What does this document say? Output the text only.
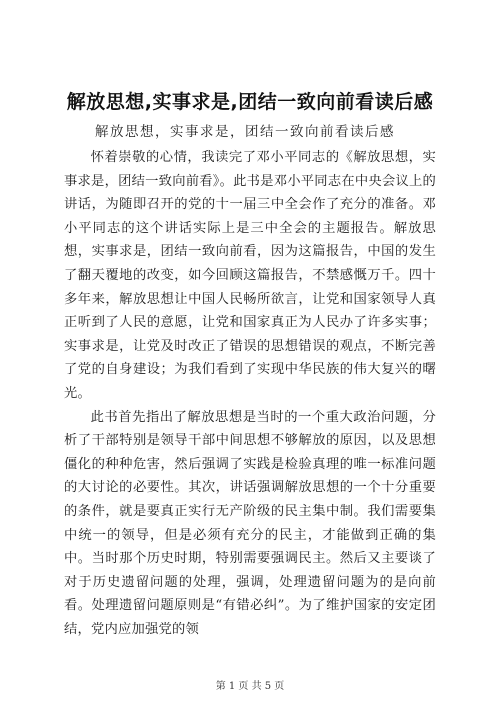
解放思想,实事求是,团结一致向前看读后感
解放思想，实事求是，团结一致向前看读后感

怀着崇敬的心情，我读完了邓小平同志的《解放思想，实事求是，团结一致向前看》。此书是邓小平同志在中央会议上的讲话，为随即召开的党的十一届三中全会作了充分的准备。邓小平同志的这个讲话实际上是三中全会的主题报告。解放思想，实事求是，团结一致向前看，因为这篇报告，中国的发生了翻天覆地的改变，如今回顾这篇报告，不禁感慨万千。四十多年来，解放思想让中国人民畅所欲言，让党和国家领导人真正听到了人民的意愿，让党和国家真正为人民办了许多实事；实事求是，让党及时改正了错误的思想错误的观点，不断完善了党的自身建设；为我们看到了实现中华民族的伟大复兴的曙光。

此书首先指出了解放思想是当时的一个重大政治问题，分析了干部特别是领导干部中间思想不够解放的原因，以及思想僵化的种种危害，然后强调了实践是检验真理的唯一标准问题的大讨论的必要性。其次，讲话强调解放思想的一个十分重要的条件，就是要真正实行无产阶级的民主集中制。我们需要集中统一的领导，但是必须有充分的民主，才能做到正确的集中。当时那个历史时期，特别需要强调民主。然后又主要谈了对于历史遗留问题的处理，强调，处理遗留问题为的是向前看。处理遗留问题原则是“有错必纠”。为了维护国家的安定团结，党内应加强党的领

第 1 页 共 5 页
